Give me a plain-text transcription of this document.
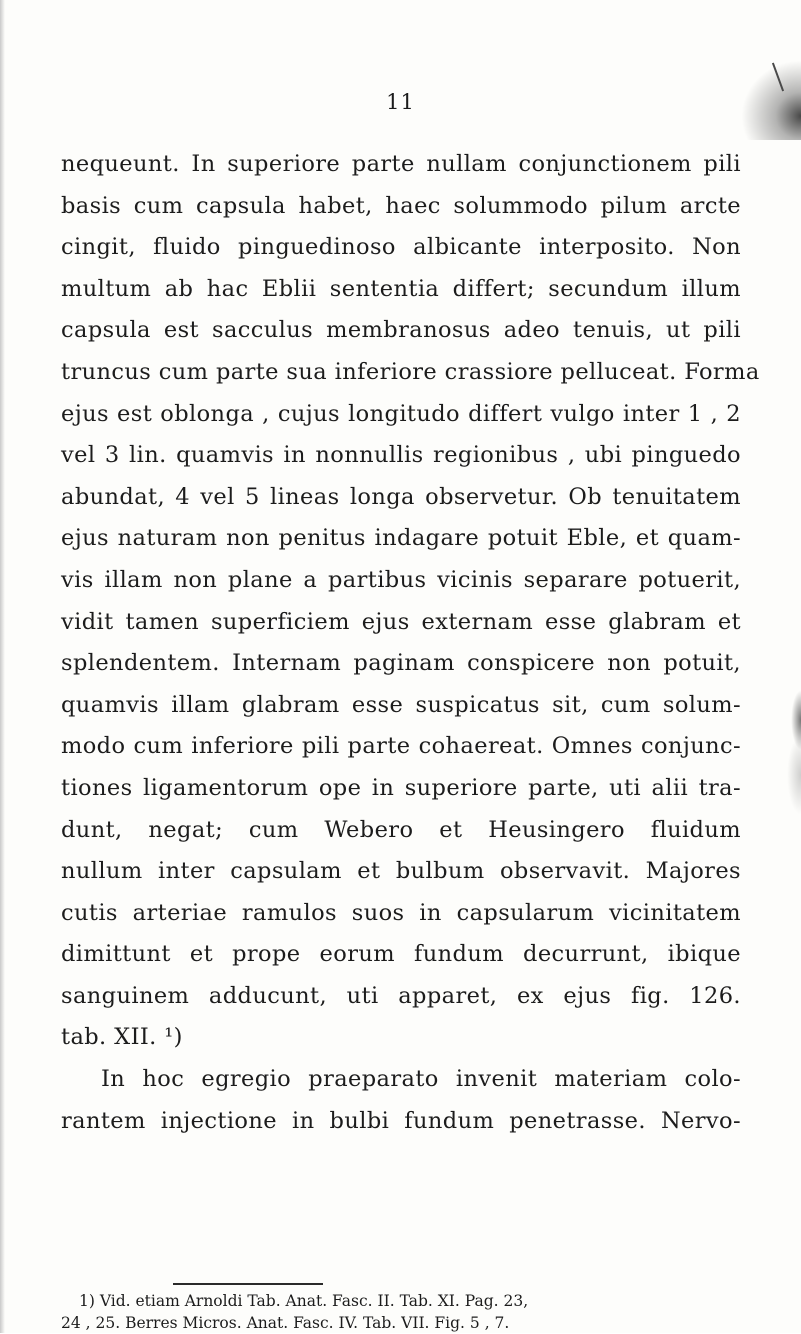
11
nequeunt. In superiore parte nullam conjunctionem pili
basis cum capsula habet, haec solummodo pilum arcte
cingit, fluido pinguedinoso albicante interposito. Non
multum ab hac Eblii sententia differt; secundum illum
capsula est sacculus membranosus adeo tenuis, ut pili
truncus cum parte sua inferiore crassiore pelluceat. Forma
ejus est oblonga , cujus longitudo differt vulgo inter 1 , 2
vel 3 lin. quamvis in nonnullis regionibus , ubi pinguedo
abundat, 4 vel 5 lineas longa observetur. Ob tenuitatem
ejus naturam non penitus indagare potuit Eble, et quam-
vis illam non plane a partibus vicinis separare potuerit,
vidit tamen superficiem ejus externam esse glabram et
splendentem. Internam paginam conspicere non potuit,
quamvis illam glabram esse suspicatus sit, cum solum-
modo cum inferiore pili parte cohaereat. Omnes conjunc-
tiones ligamentorum ope in superiore parte, uti alii tra-
dunt, negat; cum Webero et Heusingero fluidum
nullum inter capsulam et bulbum observavit. Majores
cutis arteriae ramulos suos in capsularum vicinitatem
dimittunt et prope eorum fundum decurrunt, ibique
sanguinem adducunt, uti apparet, ex ejus fig. 126.
tab. XII. ¹)
In hoc egregio praeparato invenit materiam colo-
rantem injectione in bulbi fundum penetrasse. Nervo-
1) Vid. etiam Arnoldi Tab. Anat. Fasc. II. Tab. XI. Pag. 23,
24 , 25. Berres Micros. Anat. Fasc. IV. Tab. VII. Fig. 5 , 7.
